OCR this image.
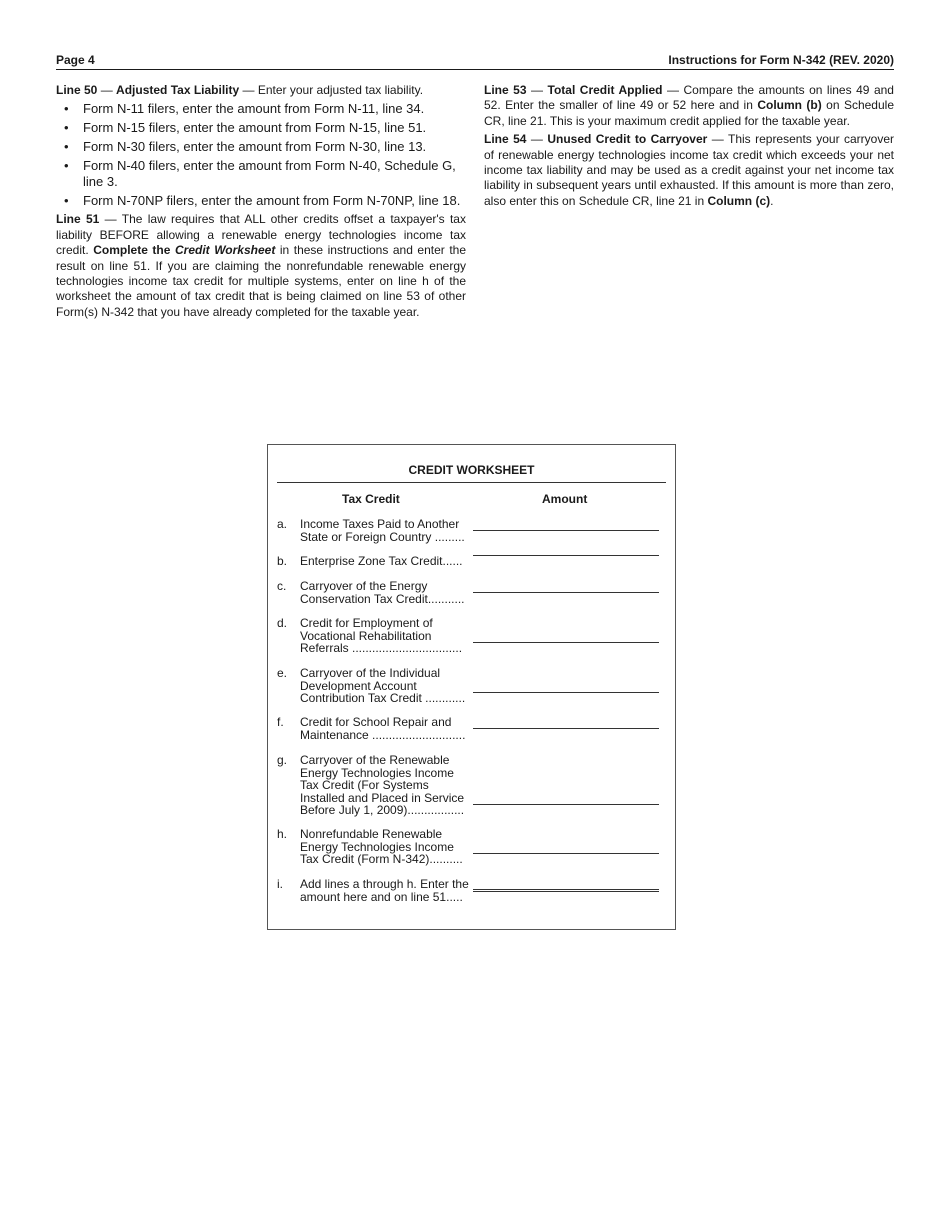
Page 4	Instructions for Form N-342 (REV. 2020)

Line 50 — Adjusted Tax Liability — Enter your adjusted tax liability.

• Form N-11 filers, enter the amount from Form N-11, line 34.
• Form N-15 filers, enter the amount from Form N-15, line 51.
• Form N-30 filers, enter the amount from Form N-30, line 13.
• Form N-40 filers, enter the amount from Form N-40, Schedule G, line 3.
• Form N-70NP filers, enter the amount from Form N-70NP, line 18.

Line 51 — The law requires that ALL other credits offset a taxpayer's tax liability BEFORE allowing a renewable energy technologies income tax credit. Complete the Credit Worksheet in these instructions and enter the result on line 51. If you are claiming the nonrefundable renewable energy technologies income tax credit for multiple systems, enter on line h of the worksheet the amount of tax credit that is being claimed on line 53 of other Form(s) N-342 that you have already completed for the taxable year.

Line 53 — Total Credit Applied — Compare the amounts on lines 49 and 52. Enter the smaller of line 49 or 52 here and in Column (b) on Schedule CR, line 21. This is your maximum credit applied for the taxable year.

Line 54 — Unused Credit to Carryover — This represents your carryover of renewable energy technologies income tax credit which exceeds your net income tax liability and may be used as a credit against your net income tax liability in subsequent years until exhausted. If this amount is more than zero, also enter this on Schedule CR, line 21 in Column (c).

CREDIT WORKSHEET
Tax Credit	Amount
a. Income Taxes Paid to Another
State or Foreign Country .........
b. Enterprise Zone Tax Credit......
c. Carryover of the Energy
Conservation Tax Credit...........
d. Credit for Employment of
Vocational Rehabilitation
Referrals .................................
e. Carryover of the Individual
Development Account
Contribution Tax Credit ............
f. Credit for School Repair and
Maintenance ............................
g. Carryover of the Renewable
Energy Technologies Income
Tax Credit (For Systems
Installed and Placed in Service
Before July 1, 2009).................
h. Nonrefundable Renewable
Energy Technologies Income
Tax Credit (Form N-342)..........
i. Add lines a through h. Enter the
amount here and on line 51.....
